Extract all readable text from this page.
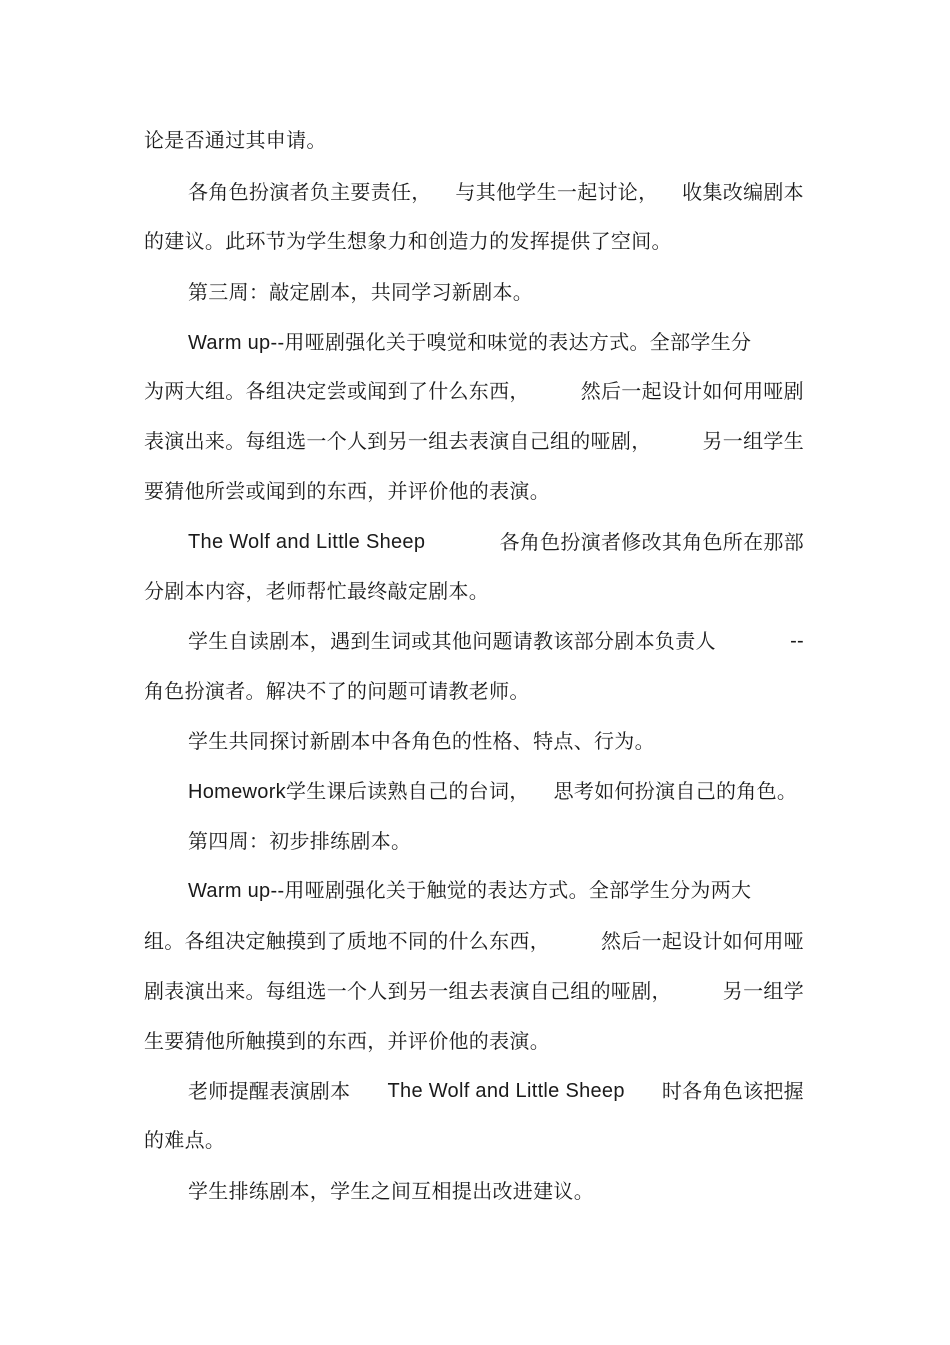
论是否通过其申请。
各角色扮演者负主要责任， 与其他学生一起讨论， 收集改编剧本
的建议。此环节为学生想象力和创造力的发挥提供了空间。
第三周：敲定剧本，共同学习新剧本。
Warm up--用哑剧强化关于嗅觉和味觉的表达方式。全部学生分
为两大组。各组决定尝或闻到了什么东西，	然后一起设计如何用哑剧
表演出来。每组选一个人到另一组去表演自己组的哑剧，	另一组学生
要猜他所尝或闻到的东西，并评价他的表演。
The Wolf and Little Sheep	各角色扮演者修改其角色所在那部
分剧本内容，老师帮忙最终敲定剧本。
学生自读剧本，遇到生词或其他问题请教该部分剧本负责人	--
角色扮演者。解决不了的问题可请教老师。
学生共同探讨新剧本中各角色的性格、特点、行为。
Homework学生课后读熟自己的台词， 思考如何扮演自己的角色。
第四周：初步排练剧本。
Warm up--用哑剧强化关于触觉的表达方式。全部学生分为两大
组。各组决定触摸到了质地不同的什么东西，	然后一起设计如何用哑
剧表演出来。每组选一个人到另一组去表演自己组的哑剧，	另一组学
生要猜他所触摸到的东西，并评价他的表演。
老师提醒表演剧本 The Wolf and Little Sheep 时各角色该把握
的难点。
学生排练剧本，学生之间互相提出改进建议。
